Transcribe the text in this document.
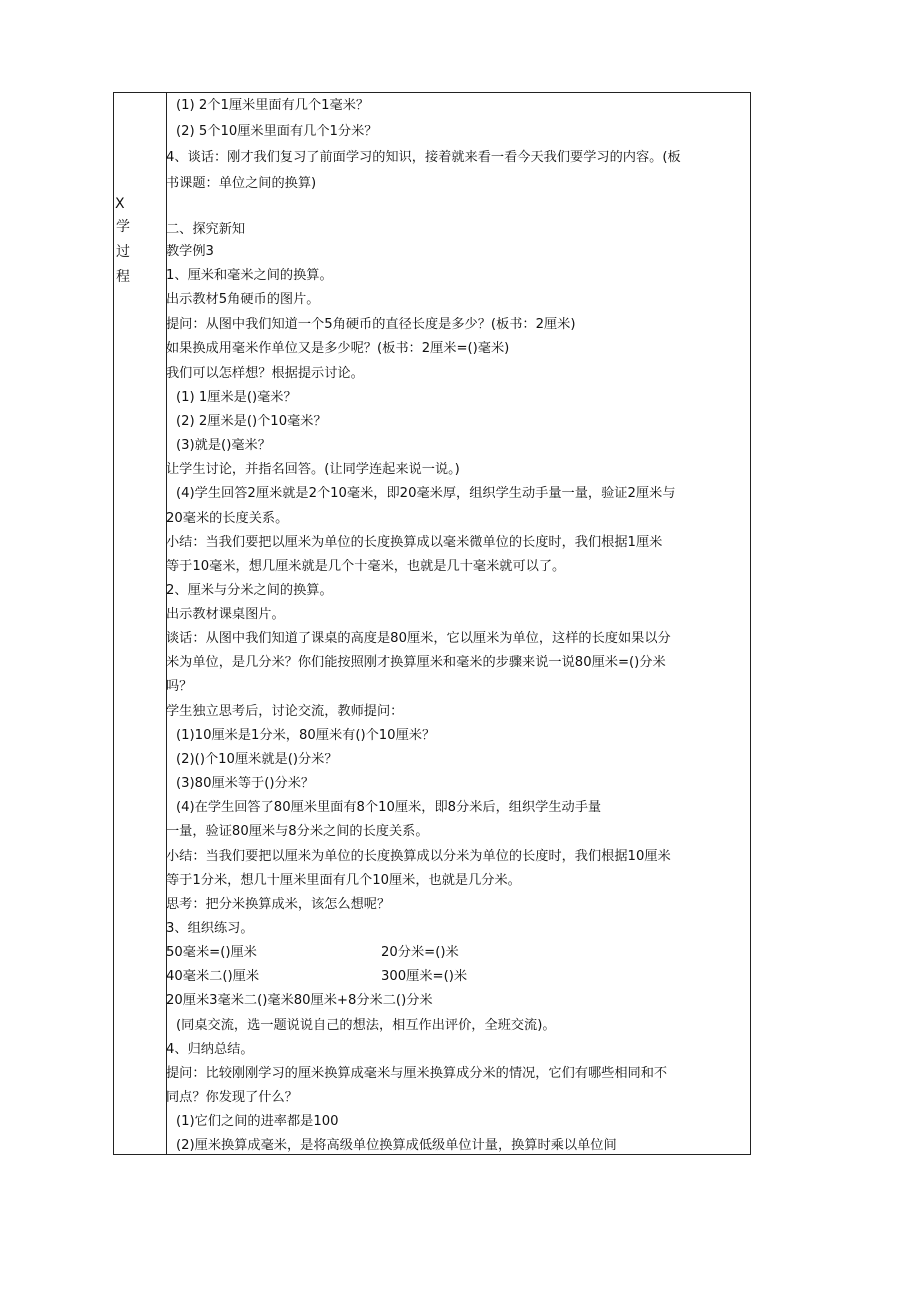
X
学
过
程
(1) 2个1厘米里面有几个1毫米？
(2) 5个10厘米里面有几个1分米？
4、谈话：刚才我们复习了前面学习的知识，接着就来看一看今天我们要学习的内容。(板
书课题：单位之间的换算)
二、探究新知
教学例3
1、厘米和毫米之间的换算。
出示教材5角硬币的图片。
提问：从图中我们知道一个5角硬币的直径长度是多少？(板书：2厘米)
如果换成用毫米作单位又是多少呢？(板书：2厘米=()毫米)
我们可以怎样想？根据提示讨论。
(1) 1厘米是()毫米？
(2) 2厘米是()个10毫米？
(3)就是()毫米？
让学生讨论，并指名回答。(让同学连起来说一说。)
(4)学生回答2厘米就是2个10毫米，即20毫米厚，组织学生动手量一量，验证2厘米与
20毫米的长度关系。
小结：当我们要把以厘米为单位的长度换算成以毫米微单位的长度时，我们根据1厘米
等于10毫米，想几厘米就是几个十毫米，也就是几十毫米就可以了。
2、厘米与分米之间的换算。
出示教材课桌图片。
谈话：从图中我们知道了课桌的高度是80厘米，它以厘米为单位，这样的长度如果以分
米为单位，是几分米？你们能按照刚才换算厘米和毫米的步骤来说一说80厘米=()分米
吗？
学生独立思考后，讨论交流，教师提问：
(1)10厘米是1分米，80厘米有()个10厘米？
(2)()个10厘米就是()分米？
(3)80厘米等于()分米？
(4)在学生回答了80厘米里面有8个10厘米，即8分米后，组织学生动手量
一量，验证80厘米与8分米之间的长度关系。
小结：当我们要把以厘米为单位的长度换算成以分米为单位的长度时，我们根据10厘米
等于1分米，想几十厘米里面有几个10厘米，也就是几分米。
思考：把分米换算成米，该怎么想呢？
3、组织练习。
50毫米=()厘米	20分米=()米
40毫米二()厘米	300厘米=()米
20厘米3毫米二()毫米80厘米+8分米二()分米
(同桌交流，选一题说说自己的想法，相互作出评价，全班交流)。
4、归纳总结。
提问：比较刚刚学习的厘米换算成毫米与厘米换算成分米的情况，它们有哪些相同和不
同点？你发现了什么？
(1)它们之间的进率都是100
(2)厘米换算成毫米，是将高级单位换算成低级单位计量，换算时乘以单位间
